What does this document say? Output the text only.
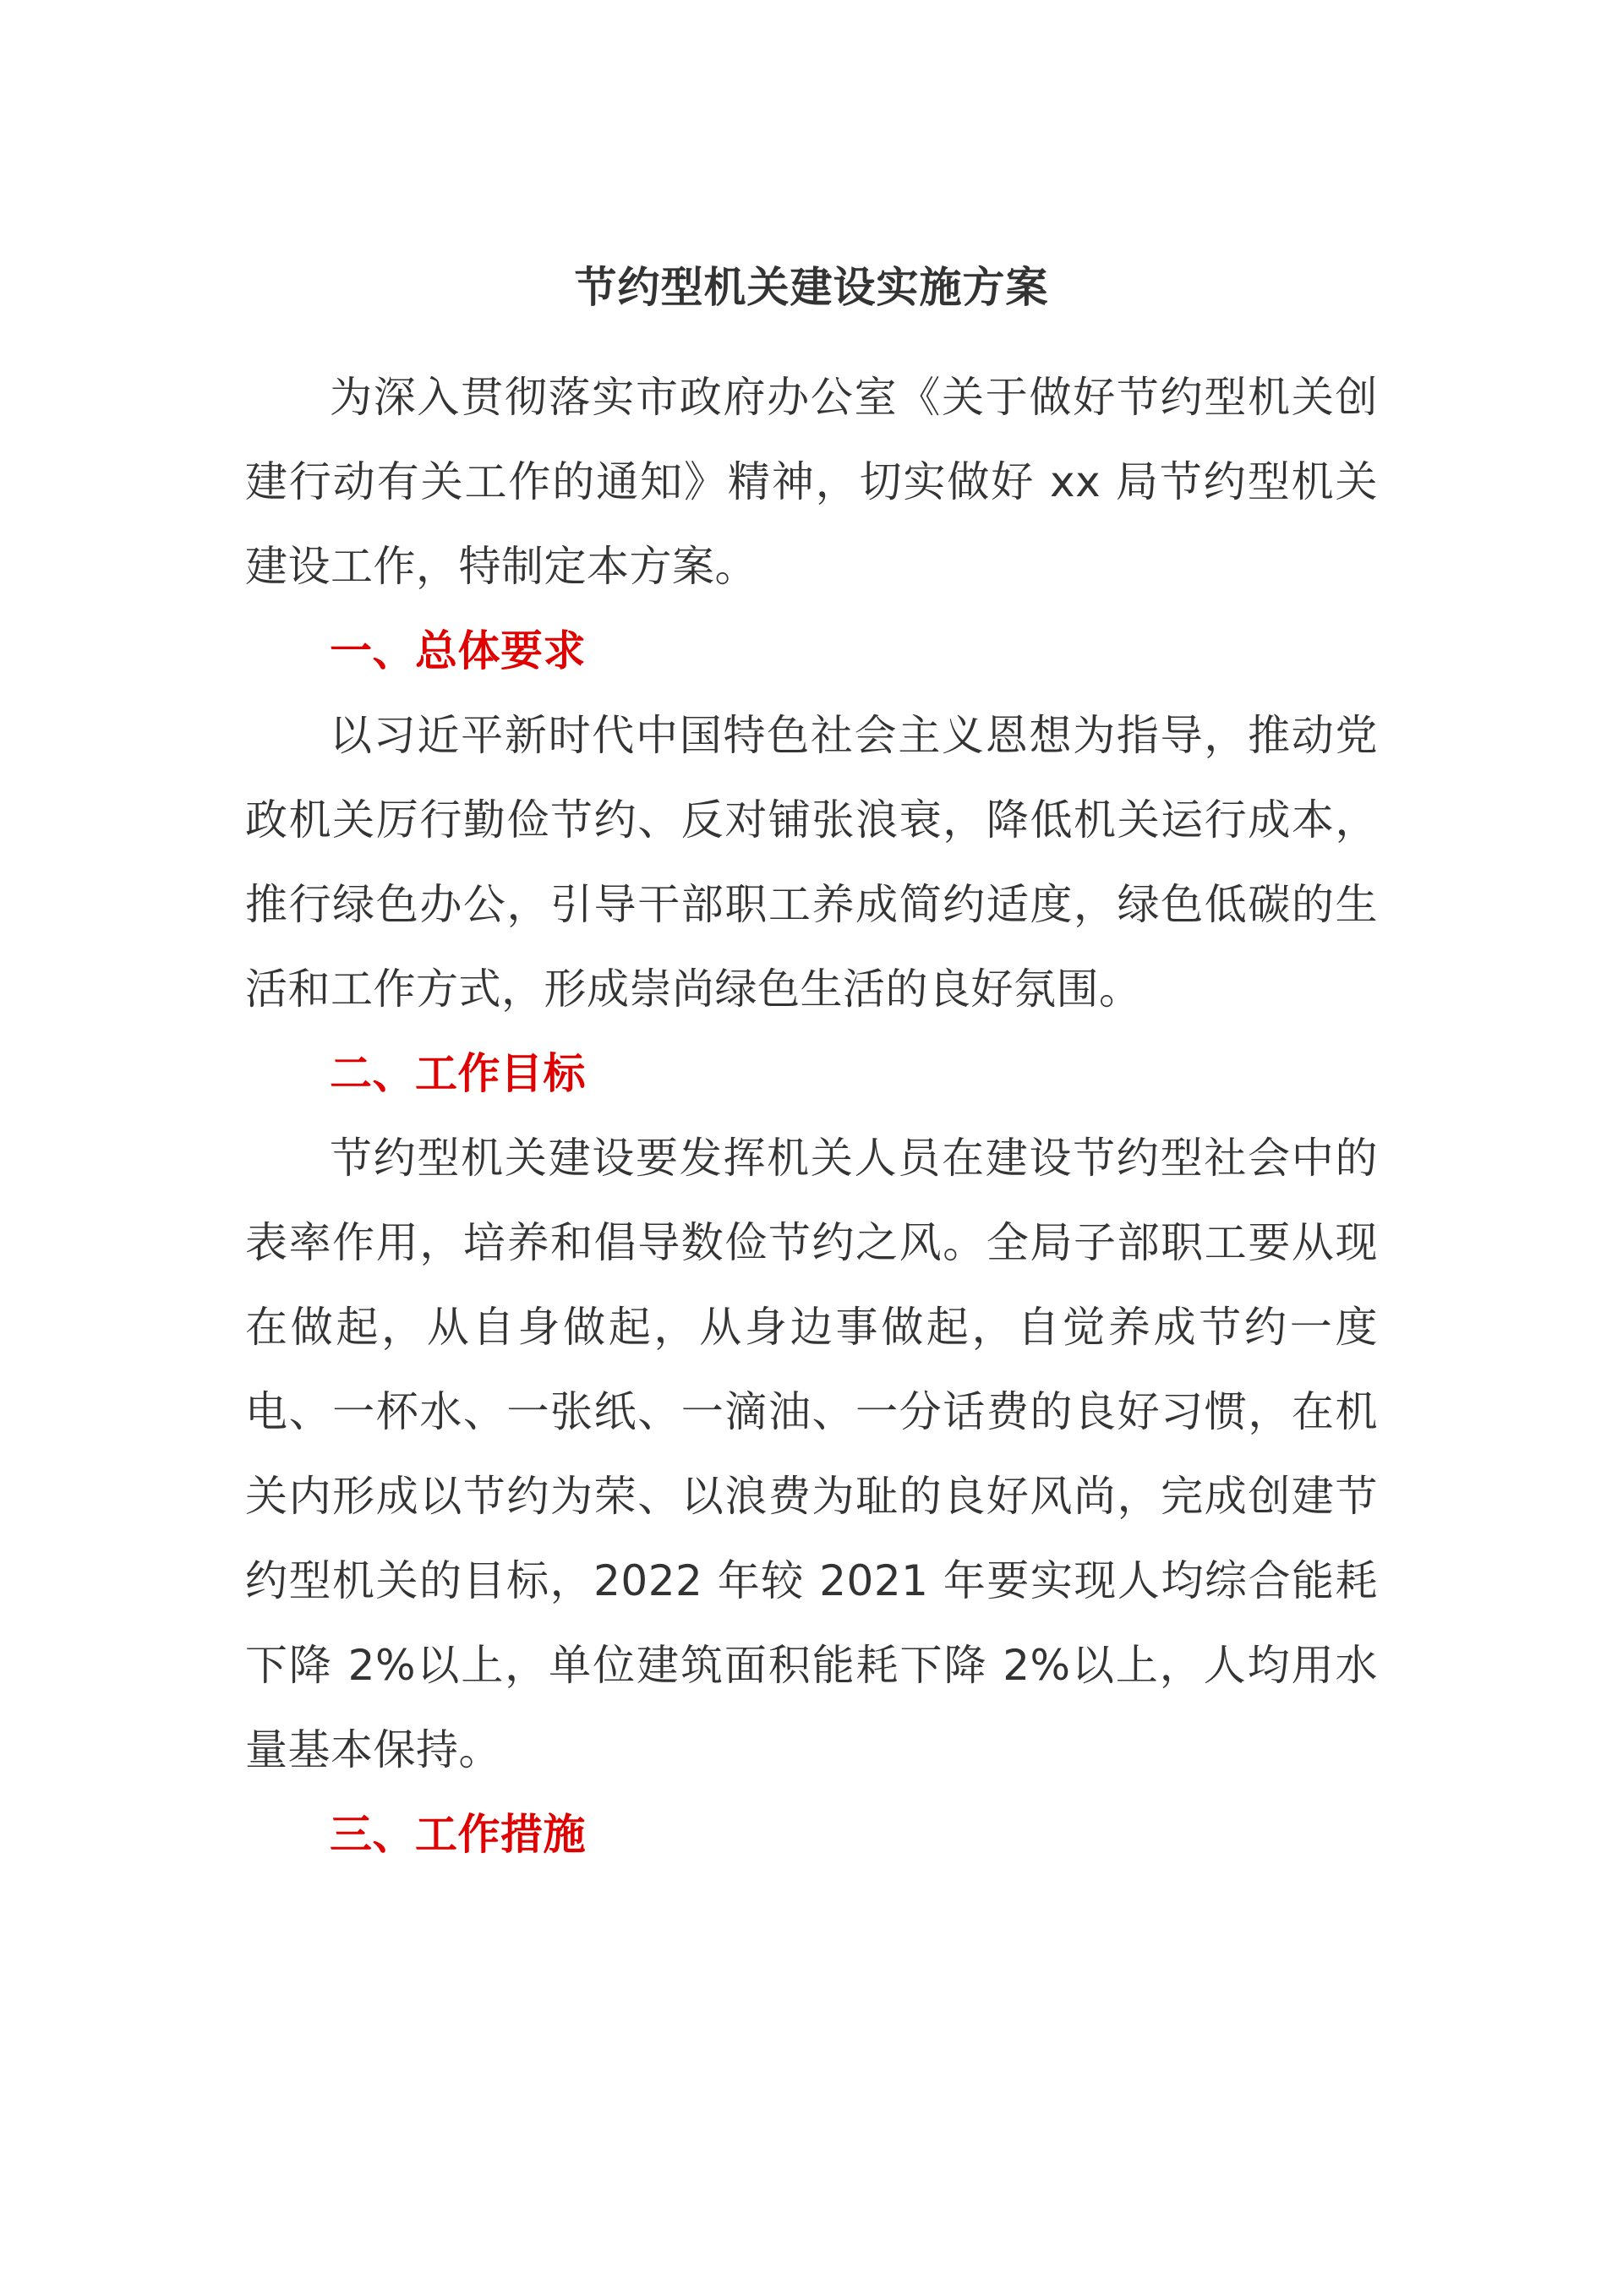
节约型机关建设实施方案

为深入贯彻落实市政府办公室《关于做好节约型机关创建行动有关工作的通知》精神，切实做好 xx 局节约型机关建设工作，特制定本方案。

一、总体要求

以习近平新时代中国特色社会主义恩想为指导，推动党政机关厉行勤俭节约、反对铺张浪衰，降低机关运行成本，推行绿色办公，引导干部职工养成简约适度，绿色低碳的生活和工作方式，形成崇尚绿色生活的良好氛围。

二、工作目标

节约型机关建设要发挥机关人员在建设节约型社会中的表率作用，培养和倡导数俭节约之风。全局子部职工要从现在做起，从自身做起，从身边事做起，自觉养成节约一度电、一杯水、一张纸、一滴油、一分话费的良好习惯，在机关内形成以节约为荣、以浪费为耻的良好风尚，完成创建节约型机关的目标，2022 年较 2021 年要实现人均综合能耗下降 2%以上，单位建筑面积能耗下降 2%以上，人均用水量基本保持。

三、工作措施
